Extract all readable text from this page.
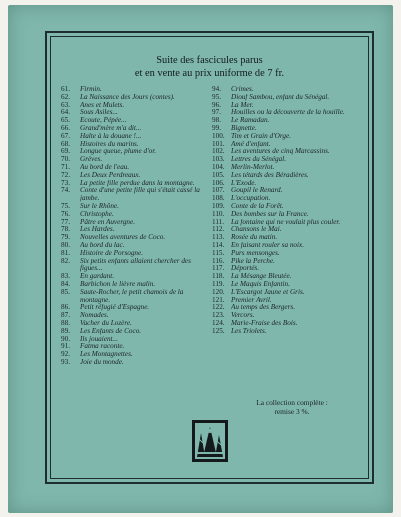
Suite des fascicules parus
et en vente au prix uniforme de 7 fr.
61.	Firmin.
62.	La Naissance des Jours (contes).
63.	Anes et Mulets.
64.	Sous Asiles...
65.	Ecoute, Pépée...
66.	Grand'mère m'a dit...
67.	Halte à la douane !...
68.	Histoires du marins.
69.	Longue queue, plume d'or.
70.	Grèves.
71.	Au bord de l'eau.
72.	Les Deux Perdreaux.
73.	La petite fille perdue dans la montagne.
74.	Conte d'une petite fille qui s'était cassé la jambe.
75.	Sur le Rhône.
76.	Christophe.
77.	Pâtre en Auvergne.
78.	Les Hardes.
79.	Nouvelles aventures de Coco.
80.	Au bord du lac.
81.	Histoire de Porsogne.
82.	Six petits enfants allaient chercher des figues...
83.	En gardant.
84.	Barbichon le lièvre malin.
85.	Saute-Rocher, le petit chamois de la montagne.
86.	Petit réfugié d'Espagne.
87.	Nomades.
88.	Vacher du Lozère.
89.	Les Enfants de Coco.
90.	Ils jouaient...
91.	Fatma raconte.
92.	Les Montagnettes.
93.	Joie du monde.
94.	Crimes.
95.	Diouf Sambou, enfant du Sénégal.
96.	La Mer.
97.	Houilles ou la découverte de la houille.
98.	Le Ramadan.
99.	Bignette.
100. Tim et Grain d'Orge.
101. Amé d'enfant.
102. Les aventures de cinq Marcassins.
103. Lettres du Sénégal.
104. Merlin-Merlot.
105. Les tétards des Béradières.
106. L'Exode.
107. Goupil le Renard.
108. L'occupation.
109. Conte de la Forêt.
110. Des bombes sur la France.
111. La fontaine qui ne voulait plus couler.
112. Chansons le Mai.
113. Rosée du matin.
114. En faisant rouler sa noix.
115. Purs mensonges.
116. Pike la Perche.
117. Déportés.
118. La Mésange Bleutée.
119. Le Maquis Enfantin.
120. L'Escargot Jaune et Gris.
121. Premier Avril.
122. Au temps des Bergers.
123. Vercors.
124. Marie-Fraise des Bois.
125. Les Triolets.
La collection complète :
remise 3 %.
